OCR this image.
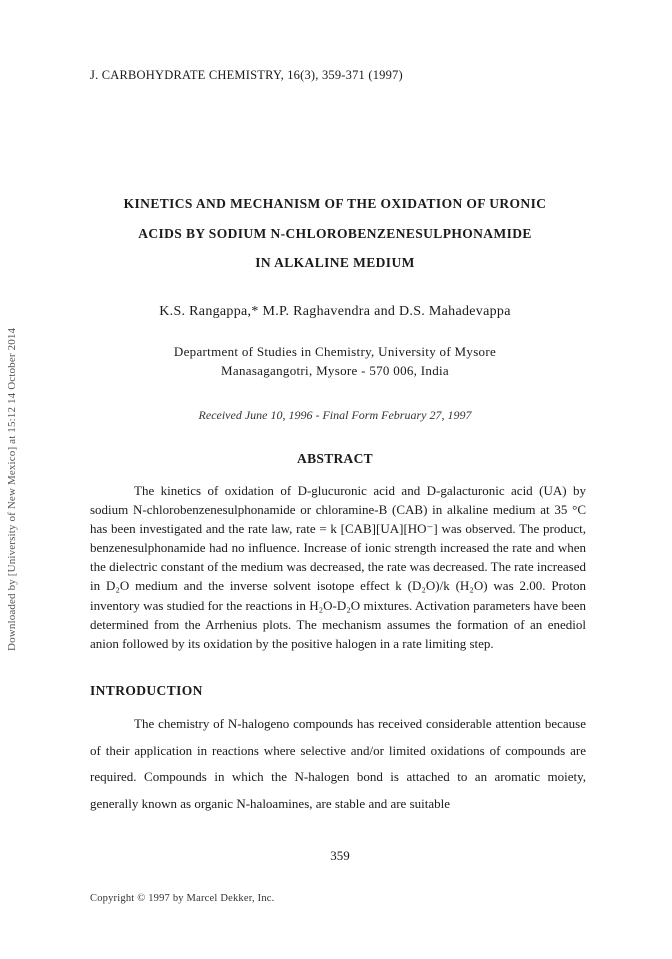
Downloaded by [University of New Mexico] at 15:12 14 October 2014
J. CARBOHYDRATE CHEMISTRY, 16(3), 359-371 (1997)
KINETICS AND MECHANISM OF THE OXIDATION OF URONIC
ACIDS BY SODIUM N-CHLOROBENZENESULPHONAMIDE
IN ALKALINE MEDIUM
K.S. Rangappa,* M.P. Raghavendra and D.S. Mahadevappa
Department of Studies in Chemistry, University of Mysore
Manasagangotri, Mysore - 570 006, India
Received June 10, 1996 - Final Form February 27, 1997
ABSTRACT

The kinetics of oxidation of D-glucuronic acid and D-galacturonic acid (UA) by sodium N-chlorobenzenesulphonamide or chloramine-B (CAB) in alkaline medium at 35 °C has been investigated and the rate law, rate = k [CAB][UA][HO⁻] was observed. The product, benzenesulphonamide had no influence. Increase of ionic strength increased the rate and when the dielectric constant of the medium was decreased, the rate was decreased. The rate increased in D₂O medium and the inverse solvent isotope effect k (D₂O)/k (H₂O) was 2.00. Proton inventory was studied for the reactions in H₂O-D₂O mixtures. Activation parameters have been determined from the Arrhenius plots. The mechanism assumes the formation of an enediol anion followed by its oxidation by the positive halogen in a rate limiting step.

INTRODUCTION

The chemistry of N-halogeno compounds has received considerable attention because of their application in reactions where selective and/or limited oxidations of compounds are required. Compounds in which the N-halogen bond is attached to an aromatic moiety, generally known as organic N-haloamines, are stable and are suitable

359
Copyright © 1997 by Marcel Dekker, Inc.
